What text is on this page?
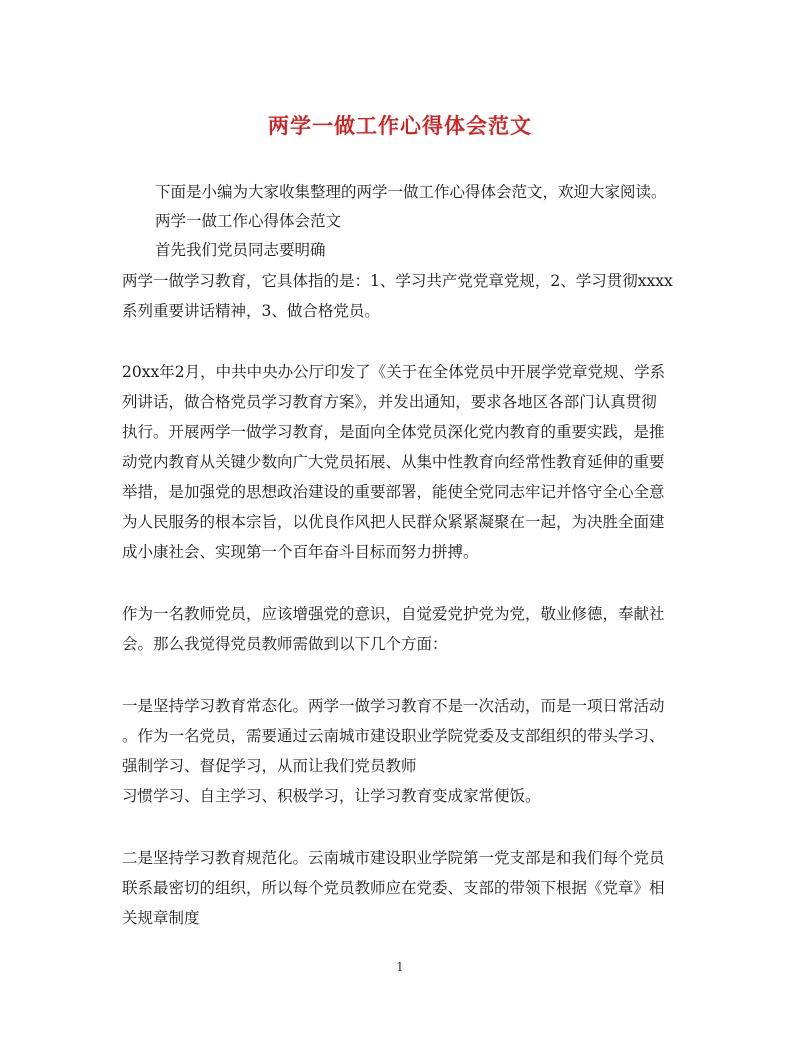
两学一做工作心得体会范文
下面是小编为大家收集整理的两学一做工作心得体会范文，欢迎大家阅读。
两学一做工作心得体会范文
首先我们党员同志要明确
两学一做学习教育，它具体指的是：1、学习共产党党章党规，2、学习贯彻xxxx
系列重要讲话精神，3、做合格党员。
20xx年2月，中共中央办公厅印发了《关于在全体党员中开展学党章党规、学系
列讲话，做合格党员学习教育方案》，并发出通知，要求各地区各部门认真贯彻
执行。开展两学一做学习教育，是面向全体党员深化党内教育的重要实践，是推
动党内教育从关键少数向广大党员拓展、从集中性教育向经常性教育延伸的重要
举措，是加强党的思想政治建设的重要部署，能使全党同志牢记并恪守全心全意
为人民服务的根本宗旨，以优良作风把人民群众紧紧凝聚在一起，为决胜全面建
成小康社会、实现第一个百年奋斗目标而努力拼搏。
作为一名教师党员，应该增强党的意识，自觉爱党护党为党，敬业修德，奉献社
会。那么我觉得党员教师需做到以下几个方面：
一是坚持学习教育常态化。两学一做学习教育不是一次活动，而是一项日常活动
。作为一名党员，需要通过云南城市建设职业学院党委及支部组织的带头学习、
强制学习、督促学习，从而让我们党员教师
习惯学习、自主学习、积极学习，让学习教育变成家常便饭。
二是坚持学习教育规范化。云南城市建设职业学院第一党支部是和我们每个党员
联系最密切的组织，所以每个党员教师应在党委、支部的带领下根据《党章》相
关规章制度
1
